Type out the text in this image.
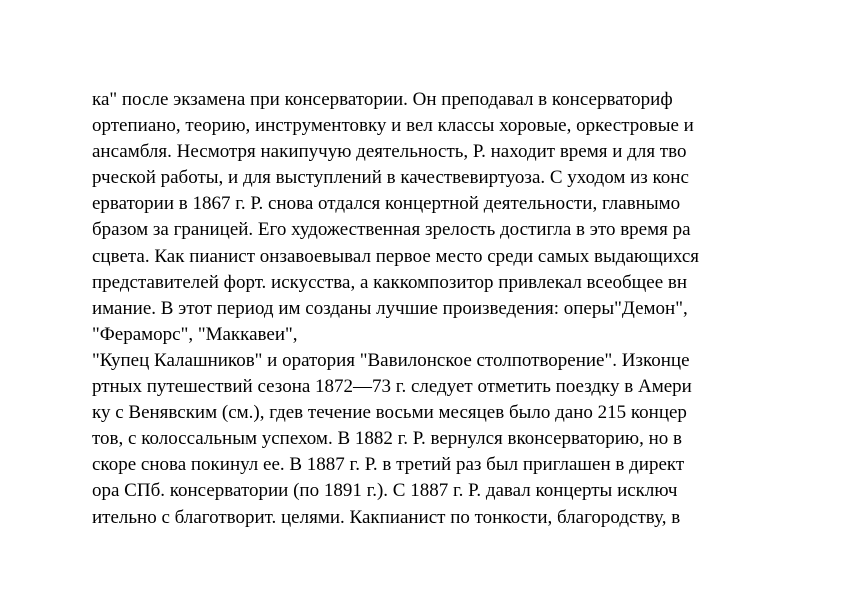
ка" после экзамена при консерватории. Он преподавал в консерваториф
ортепиано, теорию, инструментовку и вел классы хоровые, оркестровые и
ансамбля. Несмотря накипучую деятельность, Р. находит время и для тво
рческой работы, и для выступлений в качествевиртуоза. С уходом из конс
ерватории в 1867 г. Р. снова отдался концертной деятельности, главнымо
бразом за границей. Его художественная зрелость достигла в это время ра
сцвета. Как пианист онзавоевывал первое место среди самых выдающихся
представителей форт. искусства, а каккомпозитор привлекал всеобщее вн
имание. В этот период им созданы лучшие произведения: оперы"Демон",
"Фераморс", "Маккавеи",
"Купец Калашников" и оратория "Вавилонское столпотворение". Изконце
ртных путешествий сезона 1872—73 г. следует отметить поездку в Амери
ку с Венявским (см.), гдев течение восьми месяцев было дано 215 концер
тов, с колоссальным успехом. В 1882 г. Р. вернулся вконсерваторию, но в
скоре снова покинул ее. В 1887 г. Р. в третий раз был приглашен в директ
ора СПб. консерватории (по 1891 г.). С 1887 г. Р. давал концерты исключ
ительно с благотворит. целями. Какпианист по тонкости, благородству, в
